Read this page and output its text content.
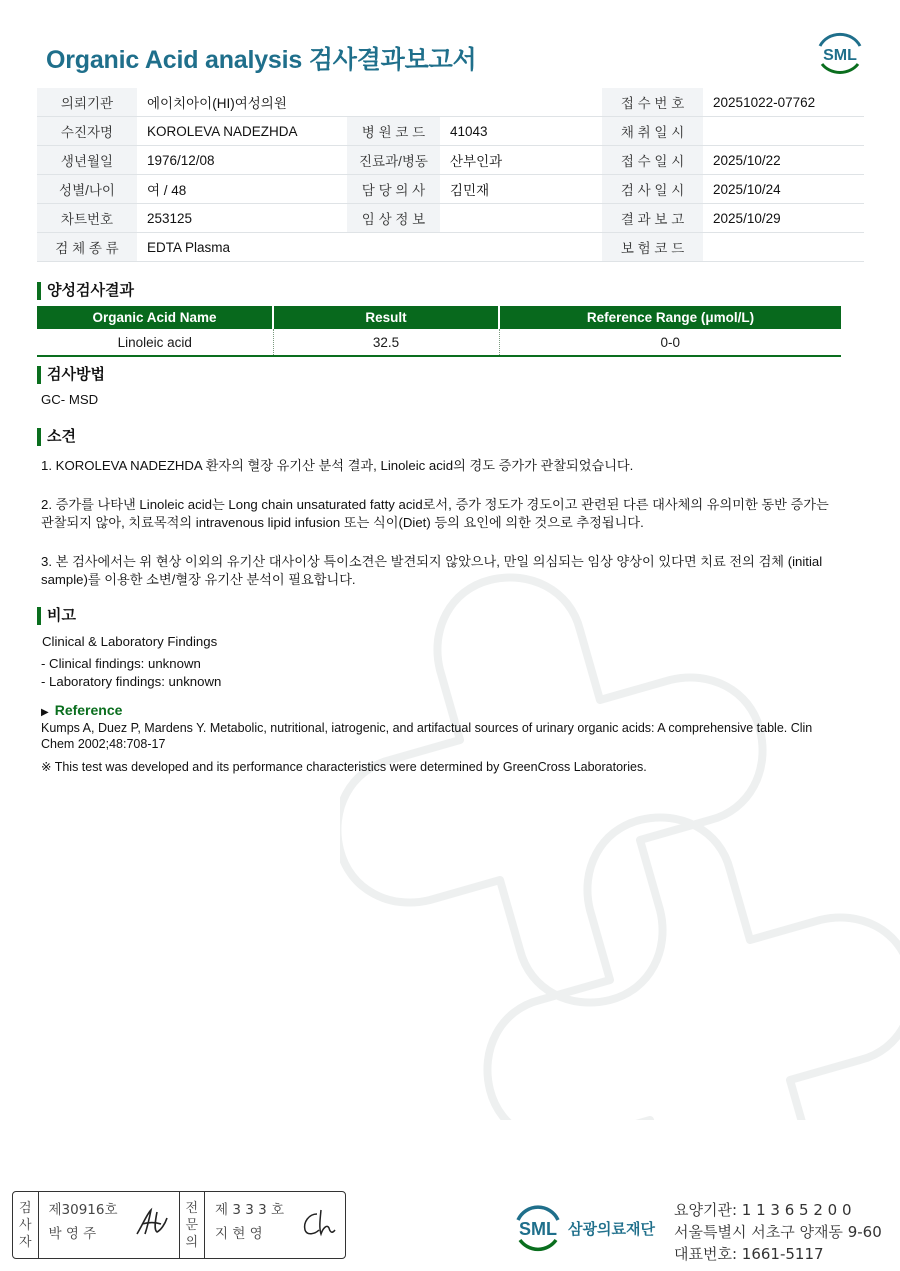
Organic Acid analysis 검사결과보고서	SML
의뢰기관	에이치아이(HI)여성의원			접 수 번 호	20251022-07762
수진자명	KOROLEVA NADEZHDA	병 원 코 드	41043	채 취 일 시	
생년월일	1976/12/08	진료과/병동	산부인과	접 수 일 시	2025/10/22
성별/나이	여 / 48	담 당 의 사	김민재	검 사 일 시	2025/10/24
차트번호	253125	임 상 정 보		결 과 보 고	2025/10/29
검 체 종 류	EDTA Plasma			보 험 코 드	
양성검사결과
Organic Acid Name	Result	Reference Range (μmol/L)
Linoleic acid	32.5	0-0
검사방법
GC- MSD
소견
1. KOROLEVA NADEZHDA 환자의 혈장 유기산 분석 결과, Linoleic acid의 경도 증가가 관찰되었습니다.
2. 증가를 나타낸 Linoleic acid는 Long chain unsaturated fatty acid로서, 증가 정도가 경도이고 관련된 다른 대사체의 유의미한 동반 증가는 관찰되지 않아, 치료목적의 intravenous lipid infusion 또는 식이(Diet) 등의 요인에 의한 것으로 추정됩니다.
3. 본 검사에서는 위 현상 이외의 유기산 대사이상 특이소견은 발견되지 않았으나, 만일 의심되는 임상 양상이 있다면 치료 전의 검체 (initial sample)를 이용한 소변/혈장 유기산 분석이 필요합니다.
비고
Clinical & Laboratory Findings
- Clinical findings: unknown
- Laboratory findings: unknown
▶ Reference
Kumps A, Duez P, Mardens Y. Metabolic, nutritional, iatrogenic, and artifactual sources of urinary organic acids: A comprehensive table. Clin Chem 2002;48:708-17
※ This test was developed and its performance characteristics were determined by GreenCross Laboratories.
검
사
자
제30916호
박 영 주
전
문
의
제 3 3 3 호
지 현 영	SML 삼광의료재단
요양기관: 1 1 3 6 5 2 0 0
서울특별시 서초구 양재동 9-60
대표번호: 1661-5117
